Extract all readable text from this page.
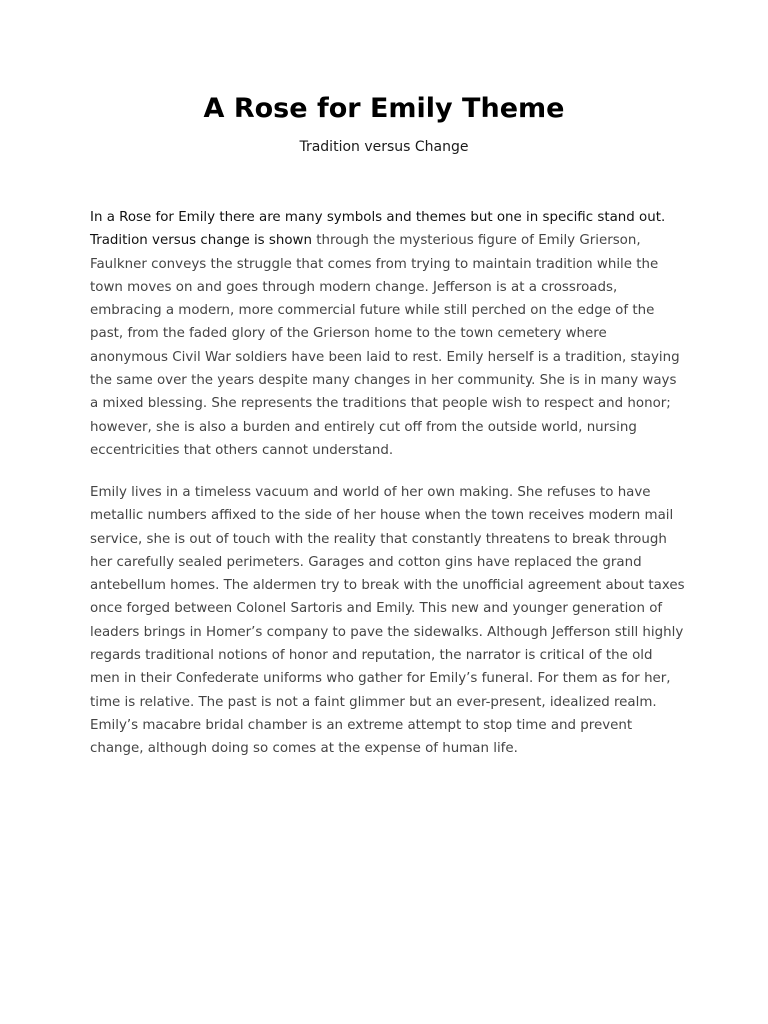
A Rose for Emily Theme

Tradition versus Change

In a Rose for Emily there are many symbols and themes but one in specific stand out. Tradition versus change is shown through the mysterious figure of Emily Grierson, Faulkner conveys the struggle that comes from trying to maintain tradition while the town moves on and goes through modern change. Jefferson is at a crossroads, embracing a modern, more commercial future while still perched on the edge of the past, from the faded glory of the Grierson home to the town cemetery where anonymous Civil War soldiers have been laid to rest. Emily herself is a tradition, staying the same over the years despite many changes in her community. She is in many ways a mixed blessing. She represents the traditions that people wish to respect and honor; however, she is also a burden and entirely cut off from the outside world, nursing eccentricities that others cannot understand.

Emily lives in a timeless vacuum and world of her own making. She refuses to have metallic numbers affixed to the side of her house when the town receives modern mail service, she is out of touch with the reality that constantly threatens to break through her carefully sealed perimeters. Garages and cotton gins have replaced the grand antebellum homes. The aldermen try to break with the unofficial agreement about taxes once forged between Colonel Sartoris and Emily. This new and younger generation of leaders brings in Homer’s company to pave the sidewalks. Although Jefferson still highly regards traditional notions of honor and reputation, the narrator is critical of the old men in their Confederate uniforms who gather for Emily’s funeral. For them as for her, time is relative. The past is not a faint glimmer but an ever-present, idealized realm. Emily’s macabre bridal chamber is an extreme attempt to stop time and prevent change, although doing so comes at the expense of human life.
